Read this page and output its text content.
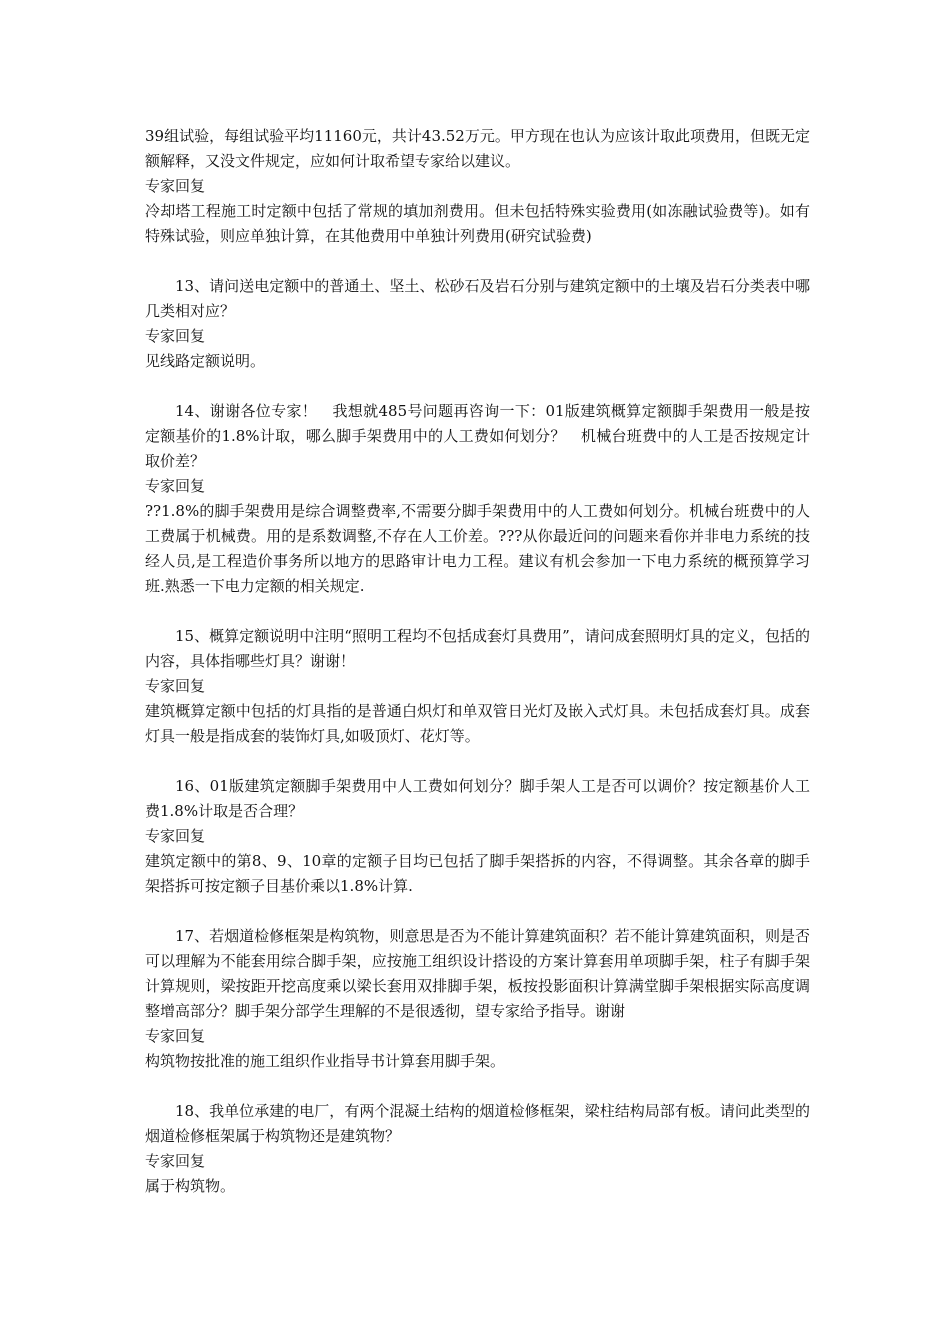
39组试验，每组试验平均11160元，共计43.52万元。甲方现在也认为应该计取此项费用，但既无定额解释，又没文件规定，应如何计取希望专家给以建议。

专家回复

冷却塔工程施工时定额中包括了常规的填加剂费用。但未包括特殊实验费用(如冻融试验费等)。如有特殊试验，则应单独计算，在其他费用中单独计列费用(研究试验费)

13、请问送电定额中的普通土、坚土、松砂石及岩石分别与建筑定额中的土壤及岩石分类表中哪几类相对应？

专家回复

见线路定额说明。

14、谢谢各位专家！　我想就485号问题再咨询一下：01版建筑概算定额脚手架费用一般是按定额基价的1.8%计取，哪么脚手架费用中的人工费如何划分？　机械台班费中的人工是否按规定计取价差？

专家回复

??1.8%的脚手架费用是综合调整费率,不需要分脚手架费用中的人工费如何划分。机械台班费中的人工费属于机械费。用的是系数调整,不存在人工价差。???从你最近问的问题来看你并非电力系统的技经人员,是工程造价事务所以地方的思路审计电力工程。建议有机会参加一下电力系统的概预算学习班.熟悉一下电力定额的相关规定.

15、概算定额说明中注明“照明工程均不包括成套灯具费用”，请问成套照明灯具的定义，包括的内容，具体指哪些灯具？谢谢！

专家回复

建筑概算定额中包括的灯具指的是普通白炽灯和单双管日光灯及嵌入式灯具。未包括成套灯具。成套灯具一般是指成套的装饰灯具,如吸顶灯、花灯等。

16、01版建筑定额脚手架费用中人工费如何划分？脚手架人工是否可以调价？按定额基价人工费1.8%计取是否合理？

专家回复

建筑定额中的第8、9、10章的定额子目均已包括了脚手架搭拆的内容，不得调整。其余各章的脚手架搭拆可按定额子目基价乘以1.8%计算.

17、若烟道检修框架是构筑物，则意思是否为不能计算建筑面积？若不能计算建筑面积，则是否可以理解为不能套用综合脚手架，应按施工组织设计搭设的方案计算套用单项脚手架，柱子有脚手架计算规则，梁按距开挖高度乘以梁长套用双排脚手架，板按投影面积计算满堂脚手架根据实际高度调整增高部分？脚手架分部学生理解的不是很透彻，望专家给予指导。谢谢

专家回复

构筑物按批准的施工组织作业指导书计算套用脚手架。

18、我单位承建的电厂，有两个混凝土结构的烟道检修框架，梁柱结构局部有板。请问此类型的烟道检修框架属于构筑物还是建筑物？

专家回复

属于构筑物。
